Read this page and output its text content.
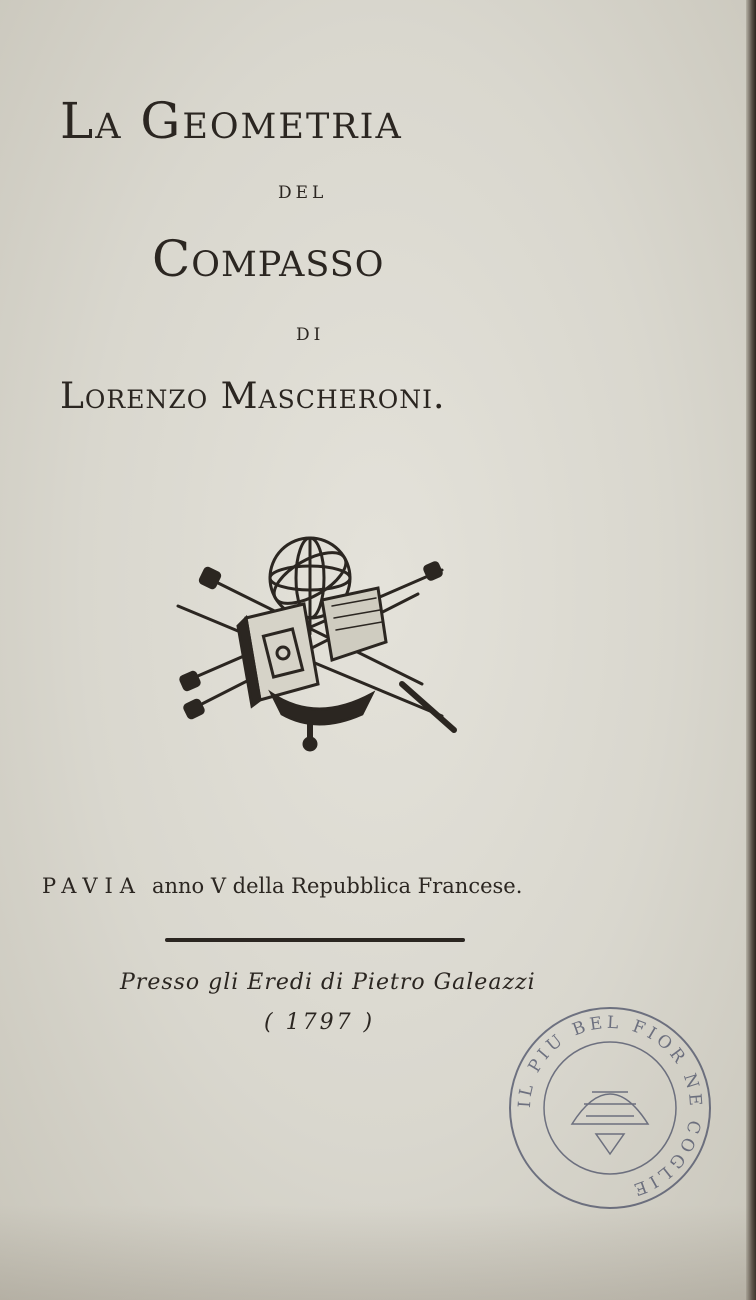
La Geometria
del
Compasso
di
Lorenzo Mascheroni.
PAVIA anno V della Repubblica Francese.
Presso gli Eredi di Pietro Galeazzi
( 1797 )
IL PIU BEL FIOR NE COGLIE
